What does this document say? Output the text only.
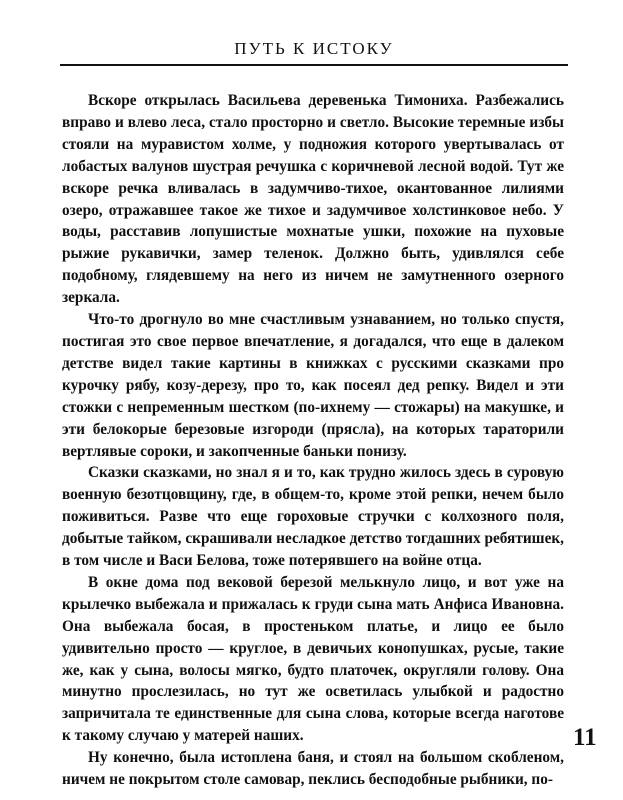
ПУТЬ К ИСТОКУ

Вскоре открылась Васильева деревенька Тимониха. Разбежались вправо и влево леса, стало просторно и светло. Высокие теремные избы стояли на муравистом холме, у подножия которого увертывалась от лобастых валунов шустрая речушка с коричневой лесной водой. Тут же вскоре речка вливалась в задумчиво-тихое, окантованное лилиями озеро, отражавшее такое же тихое и задумчивое холстинковое небо. У воды, расставив лопушистые мохнатые ушки, похожие на пуховые рыжие рукавички, замер теленок. Должно быть, удивлялся себе подобному, глядевшему на него из ничем не замутненного озерного зеркала.

Что-то дрогнуло во мне счастливым узнаванием, но только спустя, постигая это свое первое впечатление, я догадался, что еще в далеком детстве видел такие картины в книжках с русскими сказками про курочку рябу, козу-дерезу, про то, как посеял дед репку. Видел и эти стожки с непременным шестком (по-ихнему — стожары) на макушке, и эти белокорые березовые изгороди (прясла), на которых тараторили вертлявые сороки, и закопченные баньки понизу.

Сказки сказками, но знал я и то, как трудно жилось здесь в суровую военную безотцовщину, где, в общем-то, кроме этой репки, нечем было поживиться. Разве что еще гороховые стручки с колхозного поля, добытые тайком, скрашивали несладкое детство тогдашних ребятишек, в том числе и Васи Белова, тоже потерявшего на войне отца.

В окне дома под вековой березой мелькнуло лицо, и вот уже на крылечко выбежала и прижалась к груди сына мать Анфиса Ивановна. Она выбежала босая, в простеньком платье, и лицо ее было удивительно просто — круглое, в девичьих конопушках, русые, такие же, как у сына, волосы мягко, будто платочек, округляли голову. Она минутно прослезилась, но тут же осветилась улыбкой и радостно запричитала те единственные для сына слова, которые всегда наготове к такому случаю у матерей наших.

Ну конечно, была истоплена баня, и стоял на большом скобленом, ничем не покрытом столе самовар, пеклись бесподобные рыбники, по-

11
